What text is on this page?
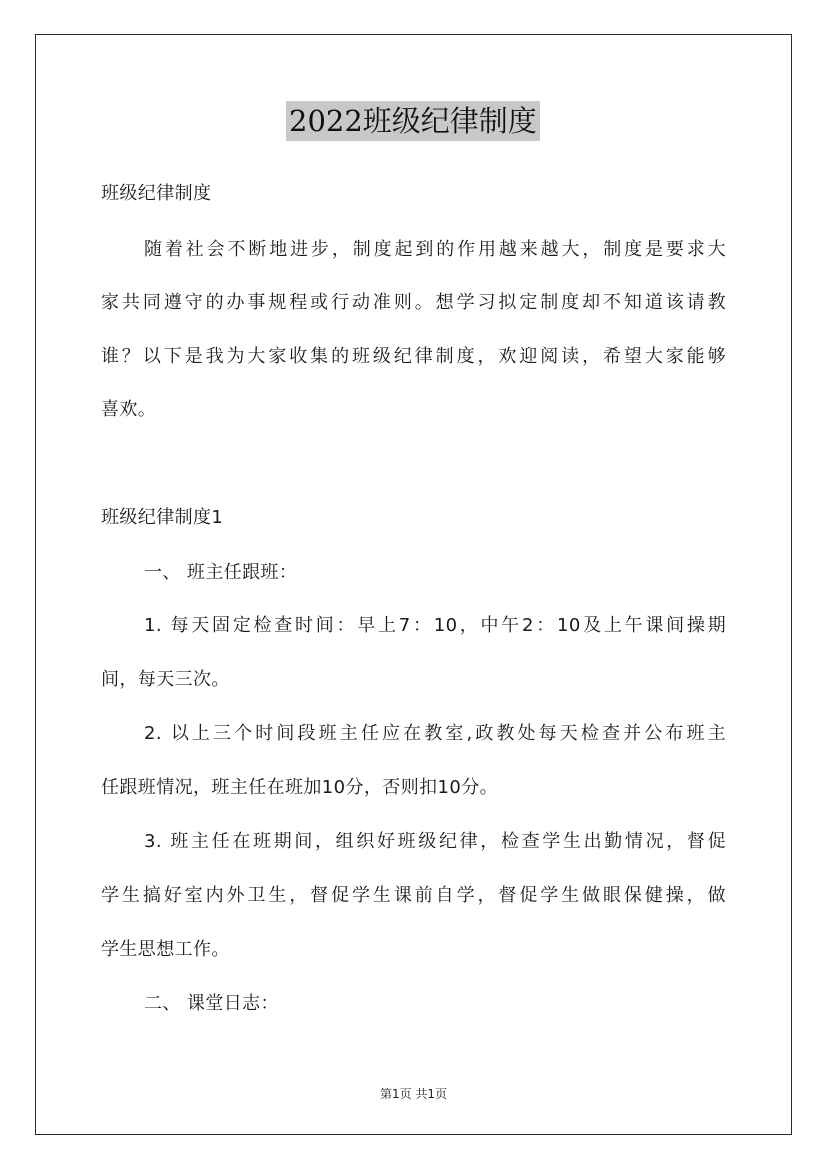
2022班级纪律制度
班级纪律制度
随着社会不断地进步，制度起到的作用越来越大，制度是要求大
家共同遵守的办事规程或行动准则。想学习拟定制度却不知道该请教
谁？以下是我为大家收集的班级纪律制度，欢迎阅读，希望大家能够
喜欢。
班级纪律制度1
一、 班主任跟班：
1. 每天固定检查时间：早上7：10，中午2：10及上午课间操期
间，每天三次。
2. 以上三个时间段班主任应在教室,政教处每天检查并公布班主
任跟班情况，班主任在班加10分，否则扣10分。
3. 班主任在班期间，组织好班级纪律，检查学生出勤情况，督促
学生搞好室内外卫生，督促学生课前自学，督促学生做眼保健操，做
学生思想工作。
二、 课堂日志：
第1页 共1页
